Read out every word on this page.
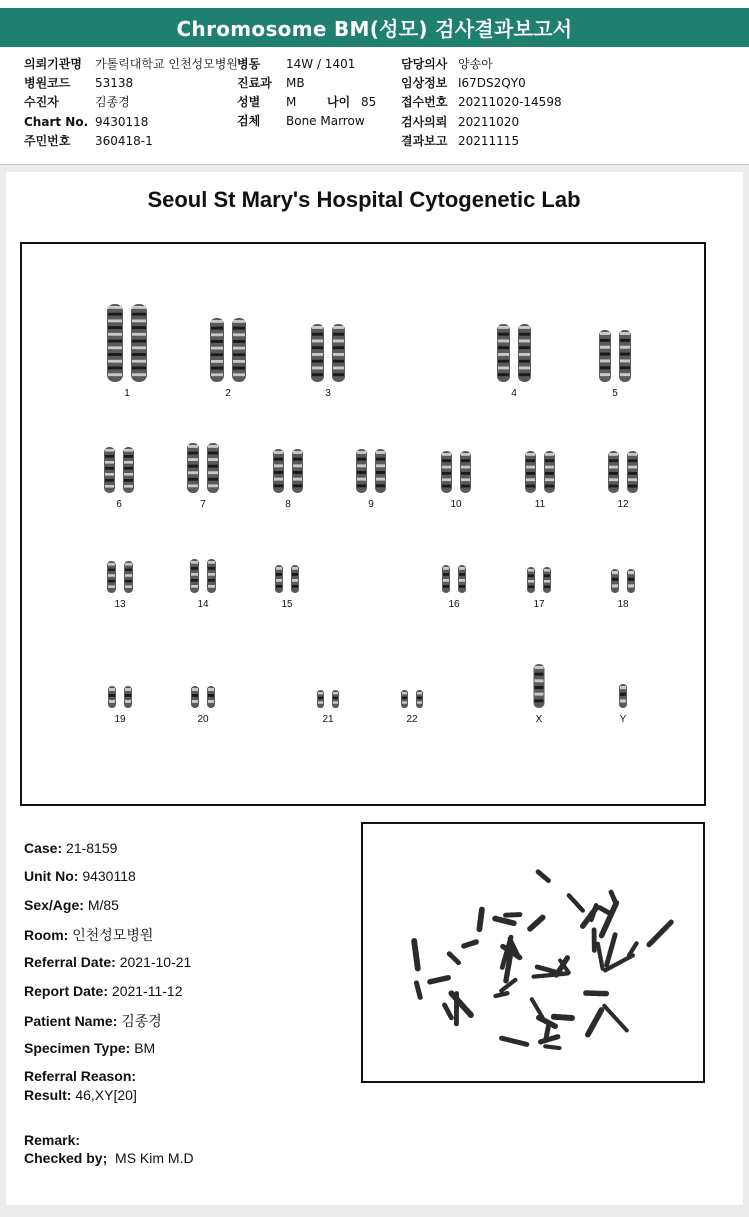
Chromosome BM(성모) 검사결과보고서
의뢰기관명 가톨릭대학교 인천성모병원
병원코드 53138
수진자	김종경
Chart No. 9430118
주민번호 360418-1
병동 14W / 1401
진료과 MB
성별 M	나이 85
검체 Bone Marrow
담당의사 양송아
임상정보 I67DS2QY0
접수번호 20211020-14598
검사의뢰 20211020
결과보고 20211115
Seoul St Mary's Hospital Cytogenetic Lab
1	2	3	4	5
6	7	8	9	10	11	12
13	14	15	16	17	18
19	20	21	22	X	Y
Case: 21-8159
Unit No: 9430118
Sex/Age: M/85
Room: 인천성모병원
Referral Date: 2021-10-21
Report Date: 2021-11-12
Patient Name: 김종경
Specimen Type: BM
Referral Reason:
Result: 46,XY[20]
Remark:
Checked by; MS Kim M.D
